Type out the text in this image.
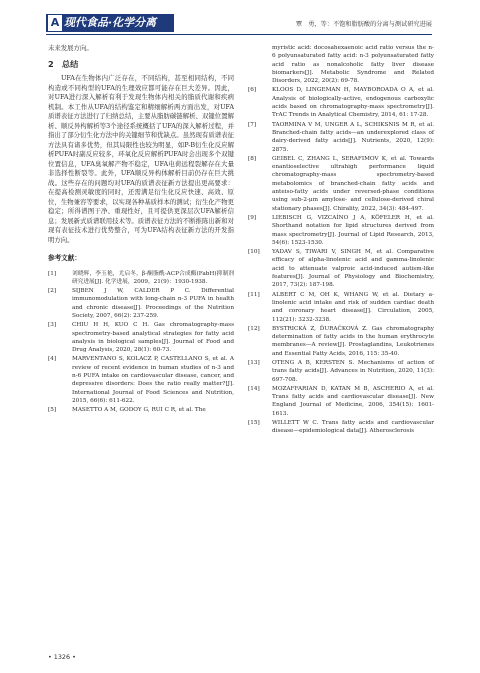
A 现代食品·化学分离	覃　勇，等：不饱和脂肪酸的分离与测试研究进展

未来发展方向。

2　总结

UFA在生物体内广泛存在，不同结构，甚至相同结构，不同构造或不同构型的UFA的生理效应都可能存在巨大差异。因此，对UFA进行深入解析有利于发现生物体内相关的脂质代谢和疾病机制。本工作从UFA的结构鉴定和精细解析两方面出发，对UFA质谱表征方法进行了归纳总结，主要从脂肪碳链解析、双键位置解析、顺反异构解析等3个途径系统概括了UFA的深入解析过程，并指出了部分衍生化方法中的关键细节和优缺点。虽然现有质谱表征方法具有诸多优势，但其局限性也较为明显，如P-B衍生化反应解析PUFA时副反应较多，环氧化反应解析PUFA时会出现多个双键位置信息，UFA臭氧解产物不稳定，UFA电荷远程裂解存在大量非选择性断裂等。此外，UFA顺反异构体解析目前仍存在巨大挑战。这些存在的问题均对UFA的质谱表征新方法提出更高要求：在提高检测灵敏度的同时，还需满足衍生化反应快速、高效、原位，生物兼容等要求，以实现各种基质样本的测试；衍生化产物更稳定；所得谱图干净、重现性好，且可提供更深层次UFA解析信息；发展新式质谱联用技术等。质谱表征方法的不断推陈出新和对现有表征技术进行优势整合，可为UFA结构表征新方法的开发指明方向。

参考文献：
[1]	刘晓辉，李玉艳，尤启冬，β-酮脂酰-ACP合成酶(FabH)抑制剂研究进展[J]. 化学进展，2009，21(9)：1930-1938.
[2]	SIJBEN J W, CALDER P C. Differential immunomodulation with long-chain n-3 PUFA in health and chronic disease[J]. Proceedings of the Nutrition Society, 2007, 66(2): 237-259.
[3]	CHIU H H, KUO C H. Gas chromatography-mass spectrometry-based analytical strategies for fatty acid analysis in biological samples[J]. Journal of Food and Drug Analysis, 2020, 28(1): 60-73.
[4]	MARVENTANO S, KOLACZ P, CASTELLANO S, et al. A review of recent evidence in human studies of n-3 and n-6 PUFA intake on cardiovascular disease, cancer, and depressive disorders: Does the ratio really matter?[J]. International Journal of Food Sciences and Nutrition, 2015, 66(6): 611-622.
[5]	MASETTO A M, GODOY G, RUI C R, et al. The
myristic acid: docosahexaenoic acid ratio versus the n-6 polyunsaturated fatty acid: n-3 polyunsaturated fatty acid ratio as nonalcoholic fatty liver disease biomarkers[J]. Metabolic Syndrome and Related Disorders, 2022, 20(2): 69-78.
[6]	KLOOS D, LINGEMAN H, MAYBOROADA O A, et al. Analysis of biologically-active, endogenous carboxylic acids based on chromatography-mass spectrometry[J]. TrAC Trends in Analytical Chemistry, 2014, 61: 17-28.
[7]	TAORMINA V M, UNGER A L, SCHIKSNIS M R, et al. Branched-chain fatty acids—an underexplored class of dairy-derived fatty acids[J]. Nutrients, 2020, 12(9): 2875.
[8]	GEIBEL C, ZHANG L, SERAFIMOV K, et al. Towards enantioselective ultrahigh performance liquid chromatography-mass spectrometry-based metabolomics of branched-chain fatty acids and anteiso-fatty acids under reversed-phase conditions using sub-2-μm amylose- and cellulose-derived chiral stationary phases[J]. Chirality, 2022, 34(3): 484-497.
[9]	LIEBISCH G, VIZCAÍNO J A, KÖFELER H, et al. Shorthand notation for lipid structures derived from mass spectrometry[J]. Journal of Lipid Research, 2013, 54(6): 1523-1530.
[10] YADAV S, TIWARI V, SINGH M, et al. Comparative efficacy of alpha-linolenic acid and gamma-linolenic acid to attenuate valproic acid-induced autism-like features[J]. Journal of Physiology and Biochemistry, 2017, 73(2): 187-198.
[11] ALBERT C M, OH K, WHANG W, et al. Dietary a-linolenic acid intake and risk of sudden cardiac death and coronary heart disease[J]. Circulation, 2005, 112(21): 3232-3238.
[12] BYSTRICKÁ Z, ĎURAČKOVÁ Z. Gas chromatography determination of fatty acids in the human erythrocyte membranes—A review[J]. Prostaglandins, Leukotrienes and Essential Fatty Acids, 2016, 115: 35-40.
[13] OTENG A B, KERSTEN S. Mechanisms of action of trans fatty acids[J]. Advances in Nutrition, 2020, 11(3): 697-708.
[14] MOZAFFARIAN D, KATAN M B, ASCHERIO A, et al. Trans fatty acids and cardiovascular disease[J]. New England Journal of Medicine, 2006, 354(15): 1601-1613.
[15] WILLETT W C. Trans fatty acids and cardiovascular disease—epidemiological data[J]. Atherosclerosis
• 1326 •
